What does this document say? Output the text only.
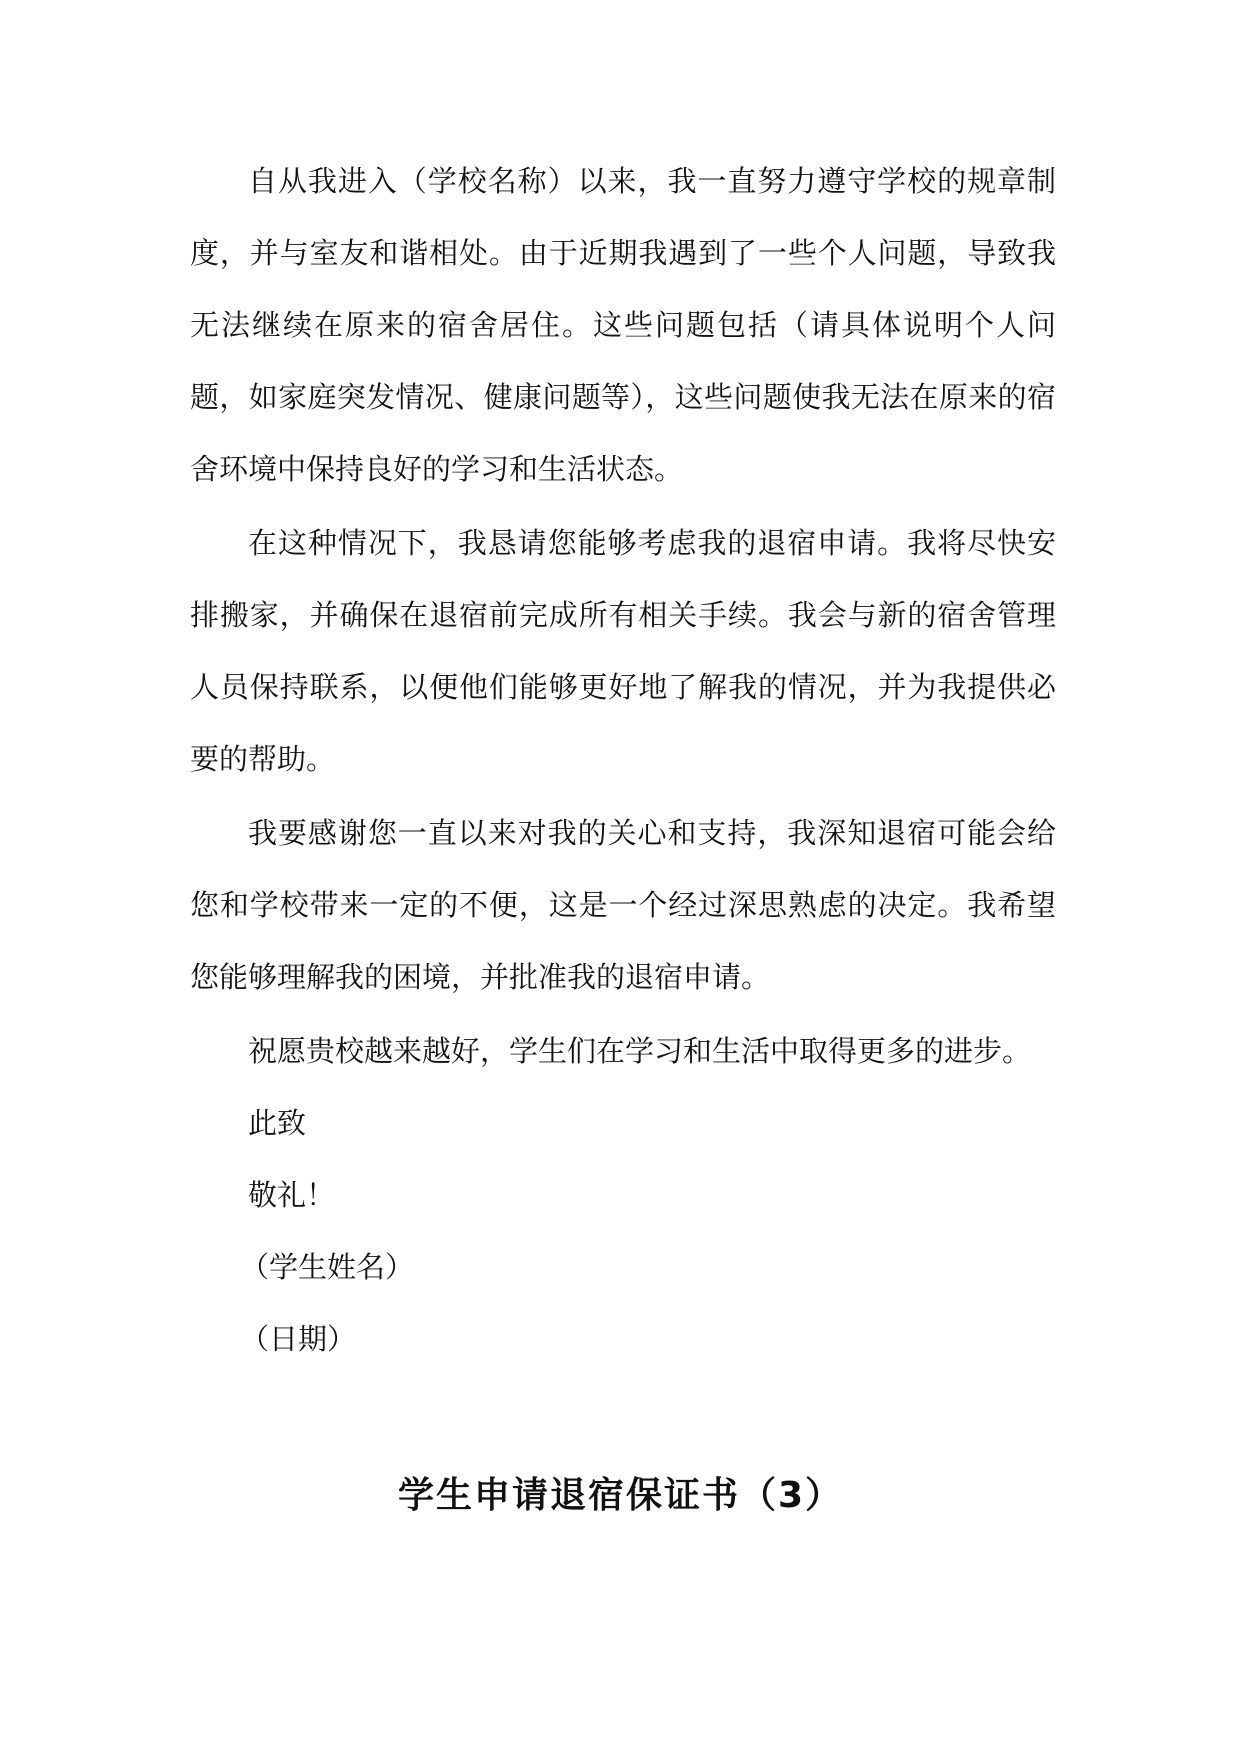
自从我进入（学校名称）以来，我一直努力遵守学校的规章制度，并与室友和谐相处。由于近期我遇到了一些个人问题，导致我无法继续在原来的宿舍居住。这些问题包括（请具体说明个人问题，如家庭突发情况、健康问题等），这些问题使我无法在原来的宿舍环境中保持良好的学习和生活状态。

在这种情况下，我恳请您能够考虑我的退宿申请。我将尽快安排搬家，并确保在退宿前完成所有相关手续。我会与新的宿舍管理人员保持联系，以便他们能够更好地了解我的情况，并为我提供必要的帮助。

我要感谢您一直以来对我的关心和支持，我深知退宿可能会给您和学校带来一定的不便，这是一个经过深思熟虑的决定。我希望您能够理解我的困境，并批准我的退宿申请。

祝愿贵校越来越好，学生们在学习和生活中取得更多的进步。

此致

敬礼！

（学生姓名）

（日期）

学生申请退宿保证书（3）
